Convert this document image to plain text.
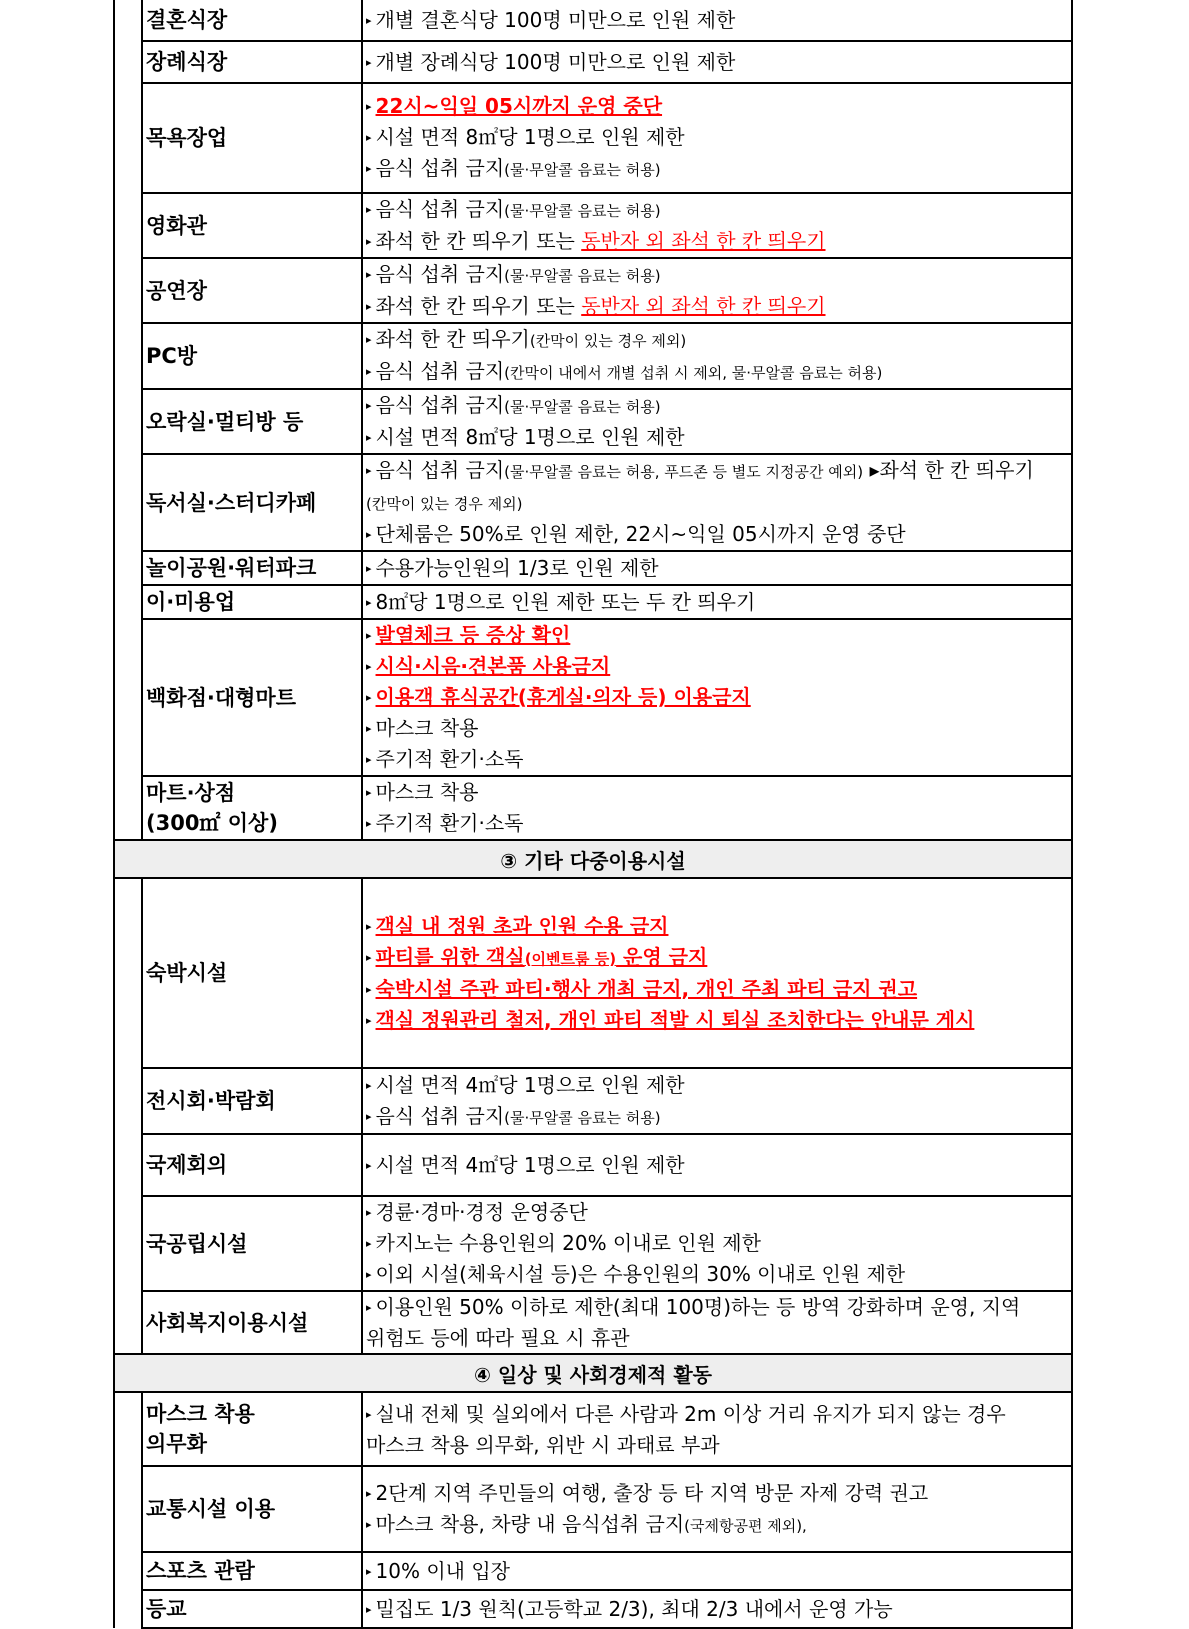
	결혼식장	▸ 개별 결혼식당 100명 미만으로 인원 제한

	장례식장	▸ 개별 장례식당 100명 미만으로 인원 제한

	목욕장업	▸ 22시~익일 05시까지 운영 중단
▸ 시설 면적 8㎡당 1명으로 인원 제한
▸ 음식 섭취 금지(물·무알콜 음료는 허용)

	영화관	▸ 음식 섭취 금지(물·무알콜 음료는 허용)
▸ 좌석 한 칸 띄우기 또는 동반자 외 좌석 한 칸 띄우기

	공연장	▸ 음식 섭취 금지(물·무알콜 음료는 허용)
▸ 좌석 한 칸 띄우기 또는 동반자 외 좌석 한 칸 띄우기

	PC방	▸ 좌석 한 칸 띄우기(칸막이 있는 경우 제외)
▸ 음식 섭취 금지(칸막이 내에서 개별 섭취 시 제외, 물·무알콜 음료는 허용)

	오락실·멀티방 등	▸ 음식 섭취 금지(물·무알콜 음료는 허용)
▸ 시설 면적 8㎡당 1명으로 인원 제한

	독서실·스터디카페	▸ 음식 섭취 금지(물·무알콜 음료는 허용, 푸드존 등 별도 지정공간 예외) ▸좌석 한 칸 띄우기(칸막이 있는 경우 제외)
▸ 단체룸은 50%로 인원 제한, 22시~익일 05시까지 운영 중단

	놀이공원·워터파크	▸ 수용가능인원의 1/3로 인원 제한

	이·미용업	▸ 8㎡당 1명으로 인원 제한 또는 두 칸 띄우기

	백화점·대형마트	▸ 발열체크 등 증상 확인
▸ 시식·시음·견본품 사용금지
▸ 이용객 휴식공간(휴게실·의자 등) 이용금지
▸ 마스크 착용
▸ 주기적 환기·소독

	마트·상점
(300㎡ 이상)	▸ 마스크 착용
▸ 주기적 환기·소독

③ 기타 다중이용시설		

	숙박시설	▸ 객실 내 정원 초과 인원 수용 금지
▸ 파티를 위한 객실(이벤트룸 등) 운영 금지
▸ 숙박시설 주관 파티·행사 개최 금지, 개인 주최 파티 금지 권고
▸ 객실 정원관리 철저, 개인 파티 적발 시 퇴실 조치한다는 안내문 게시

	전시회·박람회	▸ 시설 면적 4㎡당 1명으로 인원 제한
▸ 음식 섭취 금지(물·무알콜 음료는 허용)

	국제회의	▸ 시설 면적 4㎡당 1명으로 인원 제한

	국공립시설	▸ 경륜·경마·경정 운영중단
▸ 카지노는 수용인원의 20% 이내로 인원 제한
▸ 이외 시설(체육시설 등)은 수용인원의 30% 이내로 인원 제한

	사회복지이용시설	▸ 이용인원 50% 이하로 제한(최대 100명)하는 등 방역 강화하며 운영, 지역 위험도 등에 따라 필요 시 휴관

④ 일상 및 사회경제적 활동		

	마스크 착용
의무화	▸ 실내 전체 및 실외에서 다른 사람과 2m 이상 거리 유지가 되지 않는 경우 마스크 착용 의무화, 위반 시 과태료 부과

	교통시설 이용	▸ 2단계 지역 주민들의 여행, 출장 등 타 지역 방문 자제 강력 권고
▸ 마스크 착용, 차량 내 음식섭취 금지(국제항공편 제외),

	스포츠 관람	▸ 10% 이내 입장

	등교	▸ 밀집도 1/3 원칙(고등학교 2/3), 최대 2/3 내에서 운영 가능
